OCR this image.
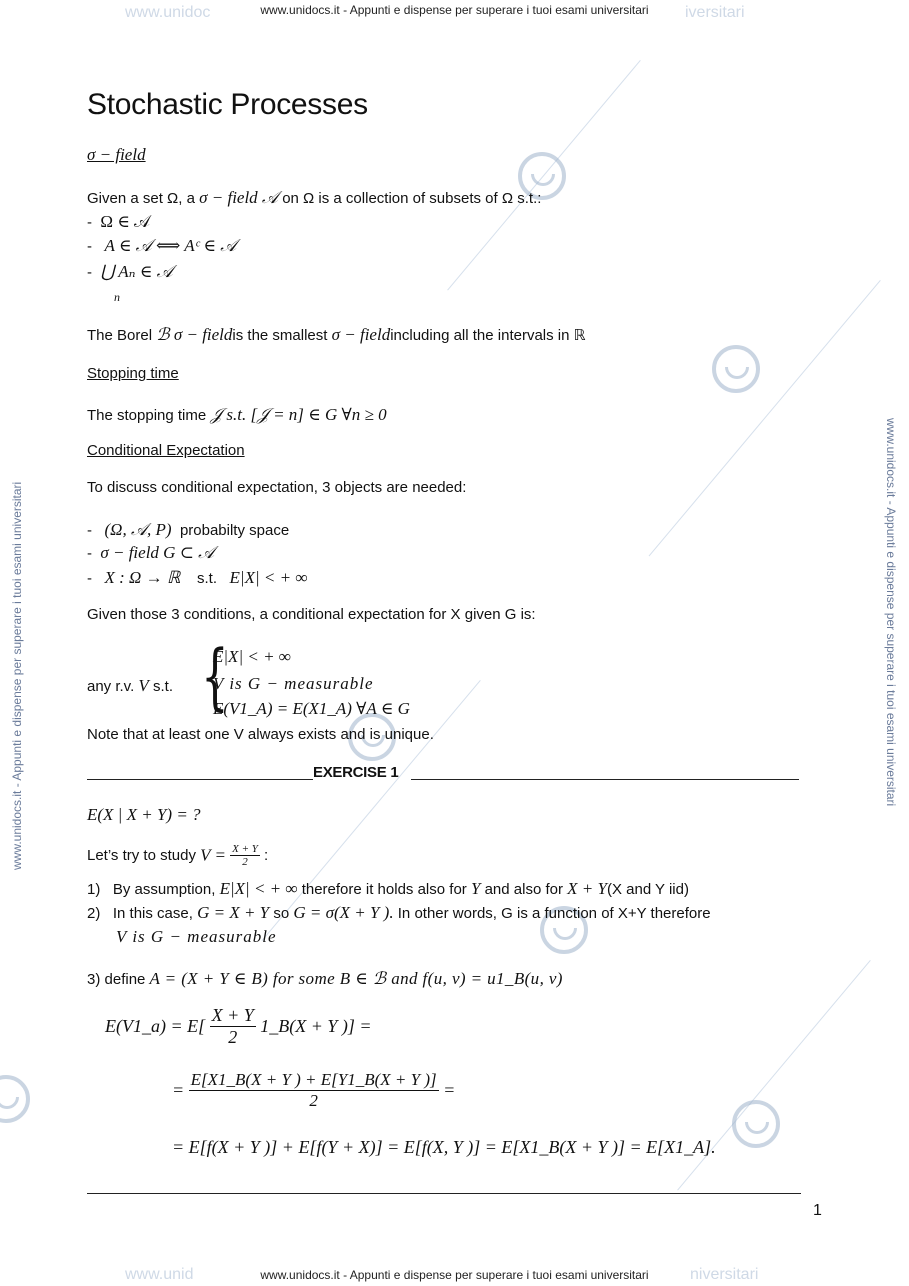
www.unidoc	iversitari
www.unidocs.it - Appunti e dispense per superare i tuoi esami universitari
www.unid	niversitari
www.unidocs.it - Appunti e dispense per superare i tuoi esami universitari
www.unidocs.it - Appunti e dispense per superare i tuoi esami universitari	www.unidocs.it - Appunti e dispense per superare i tuoi esami universitari
Stochastic Processes
σ − field
Given a set Ω, a σ − field 𝒜 on Ω is a collection of subsets of Ω s.t.:
-  Ω ∈ 𝒜
-   A ∈ 𝒜 ⟺ Aᶜ ∈ 𝒜
-  ⋃ Aₙ ∈ 𝒜
n
The Borel ℬ σ − fieldis the smallest σ − fieldincluding all the intervals in ℝ
Stopping time
The stopping time 𝒥 s.t. [𝒥 = n] ∈ G ∀n ≥ 0
Conditional Expectation
To discuss conditional expectation, 3 objects are needed:
-   (Ω, 𝒜, P) probabilty space
-  σ − field G ⊂ 𝒜
-   X : Ω → ℝ s.t. E|X| < + ∞
Given those 3 conditions, a conditional expectation for X given G is:
any r.v. V s.t. {
E|X| < + ∞
V is G − measurable
E(V1_A) = E(X1_A) ∀A ∈ G
Note that at least one V always exists and is unique.
EXERCISE 1
E(X | X + Y) = ?
Let’s try to study $V = \frac{X + Y}{2}$ :
1) By assumption, E|X| < + ∞ therefore it holds also for Y and also for X + Y(X and Y iid)
2) In this case, G = X + Y so G = σ(X + Y ). In other words, G is a function of X+Y therefore
V is G − measurable
3) define A = (X + Y ∈ B) for some B ∈ ℬ and f(u, v) = u1_B(u, v)
E(V1_a) = $E[ \frac{X + Y}{2}$ 1_B(X + Y )] =
= $\frac{E[X1\_B(X + Y ) + E[Y1\_B(X + Y )]}{2}$ =
= E[f(X + Y )] + E[f(Y + X)] = E[f(X, Y )] = E[X1_B(X + Y )] = E[X1_A].
1
